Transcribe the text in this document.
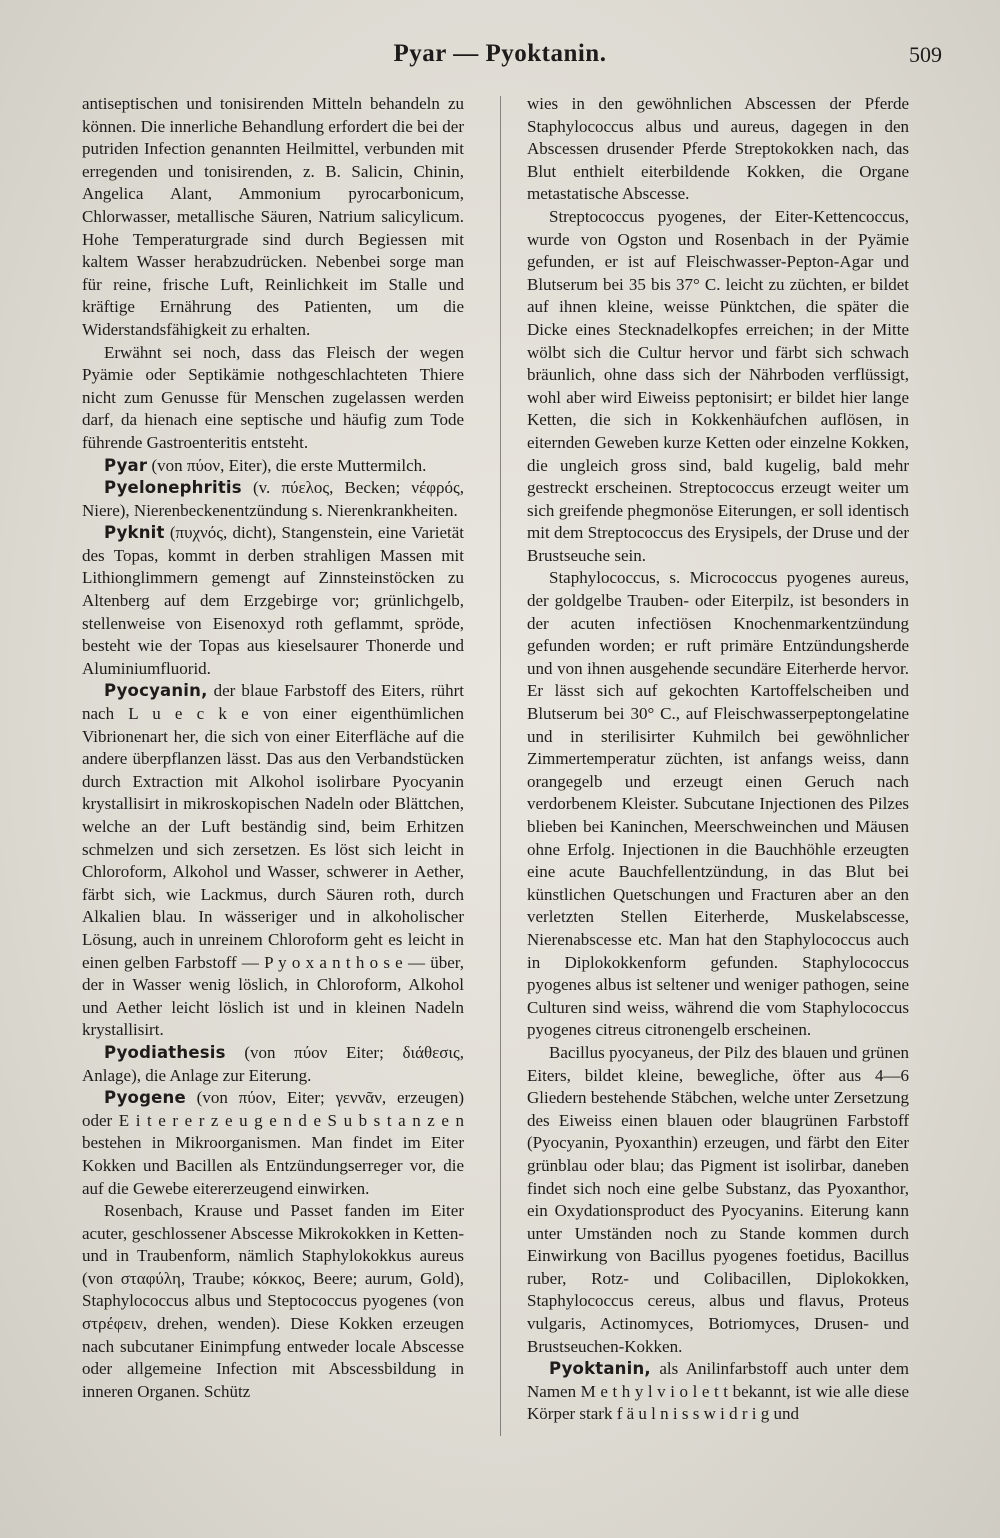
Pyar — Pyoktanin.	509

antiseptischen und tonisirenden Mitteln behandeln zu können. Die innerliche Behandlung erfordert die bei der putriden Infection genannten Heilmittel, verbunden mit erregenden und tonisirenden, z. B. Salicin, Chinin, Angelica Alant, Ammonium pyrocarbonicum, Chlorwasser, metallische Säuren, Natrium salicylicum. Hohe Temperaturgrade sind durch Begiessen mit kaltem Wasser herabzudrücken. Nebenbei sorge man für reine, frische Luft, Reinlichkeit im Stalle und kräftige Ernährung des Patienten, um die Widerstandsfähigkeit zu erhalten.

Erwähnt sei noch, dass das Fleisch der wegen Pyämie oder Septikämie nothgeschlachteten Thiere nicht zum Genusse für Menschen zugelassen werden darf, da hienach eine septische und häufig zum Tode führende Gastroenteritis entsteht.

Pyar (von πύον, Eiter), die erste Muttermilch.

Pyelonephritis (v. πύελος, Becken; νέφρός, Niere), Nierenbeckenentzündung s. Nierenkrankheiten.

Pyknit (πυχνός, dicht), Stangenstein, eine Varietät des Topas, kommt in derben strahligen Massen mit Lithionglimmern gemengt auf Zinnsteinstöcken zu Altenberg auf dem Erzgebirge vor; grünlichgelb, stellenweise von Eisenoxyd roth geflammt, spröde, besteht wie der Topas aus kieselsaurer Thonerde und Aluminiumfluorid.

Pyocyanin, der blaue Farbstoff des Eiters, rührt nach L u e c k e von einer eigenthümlichen Vibrionenart her, die sich von einer Eiterfläche auf die andere überpflanzen lässt. Das aus den Verbandstücken durch Extraction mit Alkohol isolirbare Pyocyanin krystallisirt in mikroskopischen Nadeln oder Blättchen, welche an der Luft beständig sind, beim Erhitzen schmelzen und sich zersetzen. Es löst sich leicht in Chloroform, Alkohol und Wasser, schwerer in Aether, färbt sich, wie Lackmus, durch Säuren roth, durch Alkalien blau. In wässeriger und in alkoholischer Lösung, auch in unreinem Chloroform geht es leicht in einen gelben Farbstoff — P y o x a n t h o s e — über, der in Wasser wenig löslich, in Chloroform, Alkohol und Aether leicht löslich ist und in kleinen Nadeln krystallisirt.

Pyodiathesis (von πύον Eiter; διάθεσις, Anlage), die Anlage zur Eiterung.

Pyogene (von πύον, Eiter; γεννᾶν, erzeugen) oder E i t e r e r z e u g e n d e S u b s t a n z e n bestehen in Mikroorganismen. Man findet im Eiter Kokken und Bacillen als Entzündungserreger vor, die auf die Gewebe eitererzeugend einwirken.

Rosenbach, Krause und Passet fanden im Eiter acuter, geschlossener Abscesse Mikrokokken in Ketten- und in Traubenform, nämlich Staphylokokkus aureus (von σταφύλη, Traube; κόκκος, Beere; aurum, Gold), Staphylococcus albus und Steptococcus pyogenes (von στρέφειν, drehen, wenden). Diese Kokken erzeugen nach subcutaner Einimpfung entweder locale Abscesse oder allgemeine Infection mit Abscessbildung in inneren Organen. Schütz

wies in den gewöhnlichen Abscessen der Pferde Staphylococcus albus und aureus, dagegen in den Abscessen drusender Pferde Streptokokken nach, das Blut enthielt eiterbildende Kokken, die Organe metastatische Abscesse.

Streptococcus pyogenes, der Eiter-Kettencoccus, wurde von Ogston und Rosenbach in der Pyämie gefunden, er ist auf Fleischwasser-Pepton-Agar und Blutserum bei 35 bis 37° C. leicht zu züchten, er bildet auf ihnen kleine, weisse Pünktchen, die später die Dicke eines Stecknadelkopfes erreichen; in der Mitte wölbt sich die Cultur hervor und färbt sich schwach bräunlich, ohne dass sich der Nährboden verflüssigt, wohl aber wird Eiweiss peptonisirt; er bildet hier lange Ketten, die sich in Kokkenhäufchen auflösen, in eiternden Geweben kurze Ketten oder einzelne Kokken, die ungleich gross sind, bald kugelig, bald mehr gestreckt erscheinen. Streptococcus erzeugt weiter um sich greifende phegmonöse Eiterungen, er soll identisch mit dem Streptococcus des Erysipels, der Druse und der Brustseuche sein.

Staphylococcus, s. Micrococcus pyogenes aureus, der goldgelbe Trauben- oder Eiterpilz, ist besonders in der acuten infectiösen Knochenmarkentzündung gefunden worden; er ruft primäre Entzündungsherde und von ihnen ausgehende secundäre Eiterherde hervor. Er lässt sich auf gekochten Kartoffelscheiben und Blutserum bei 30° C., auf Fleischwasserpeptongelatine und in sterilisirter Kuhmilch bei gewöhnlicher Zimmertemperatur züchten, ist anfangs weiss, dann orangegelb und erzeugt einen Geruch nach verdorbenem Kleister. Subcutane Injectionen des Pilzes blieben bei Kaninchen, Meerschweinchen und Mäusen ohne Erfolg. Injectionen in die Bauchhöhle erzeugten eine acute Bauchfellentzündung, in das Blut bei künstlichen Quetschungen und Fracturen aber an den verletzten Stellen Eiterherde, Muskelabscesse, Nierenabscesse etc. Man hat den Staphylococcus auch in Diplokokkenform gefunden. Staphylococcus pyogenes albus ist seltener und weniger pathogen, seine Culturen sind weiss, während die vom Staphylococcus pyogenes citreus citronengelb erscheinen.

Bacillus pyocyaneus, der Pilz des blauen und grünen Eiters, bildet kleine, bewegliche, öfter aus 4—6 Gliedern bestehende Stäbchen, welche unter Zersetzung des Eiweiss einen blauen oder blaugrünen Farbstoff (Pyocyanin, Pyoxanthin) erzeugen, und färbt den Eiter grünblau oder blau; das Pigment ist isolirbar, daneben findet sich noch eine gelbe Substanz, das Pyoxanthor, ein Oxydationsproduct des Pyocyanins. Eiterung kann unter Umständen noch zu Stande kommen durch Einwirkung von Bacillus pyogenes foetidus, Bacillus ruber, Rotz- und Colibacillen, Diplokokken, Staphylococcus cereus, albus und flavus, Proteus vulgaris, Actinomyces, Botriomyces, Drusen- und Brustseuchen-Kokken.

Pyoktanin, als Anilinfarbstoff auch unter dem Namen M e t h y l v i o l e t t bekannt, ist wie alle diese Körper stark f ä u l n i s s w i d r i g und
